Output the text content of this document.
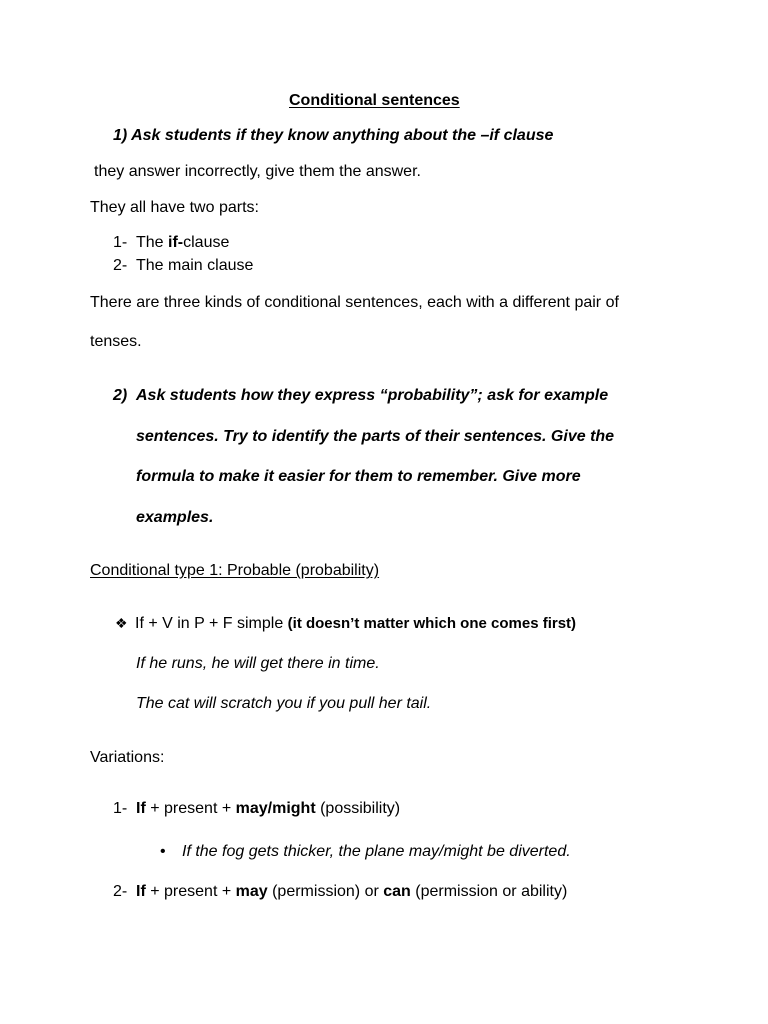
Conditional sentences
1) Ask students if they know anything about the –if clause
they answer incorrectly, give them the answer.
They all have two parts:
1- The if-clause
2- The main clause
There are three kinds of conditional sentences, each with a different pair of
tenses.
2) Ask students how they express “probability”; ask for example
sentences. Try to identify the parts of their sentences. Give the
formula to make it easier for them to remember. Give more
examples.
Conditional type 1: Probable (probability)
❖ If + V in P + F simple (it doesn’t matter which one comes first)
If he runs, he will get there in time.
The cat will scratch you if you pull her tail.
Variations:
1- If + present + may/might (possibility)
• If the fog gets thicker, the plane may/might be diverted.
2- If + present + may (permission) or can (permission or ability)
